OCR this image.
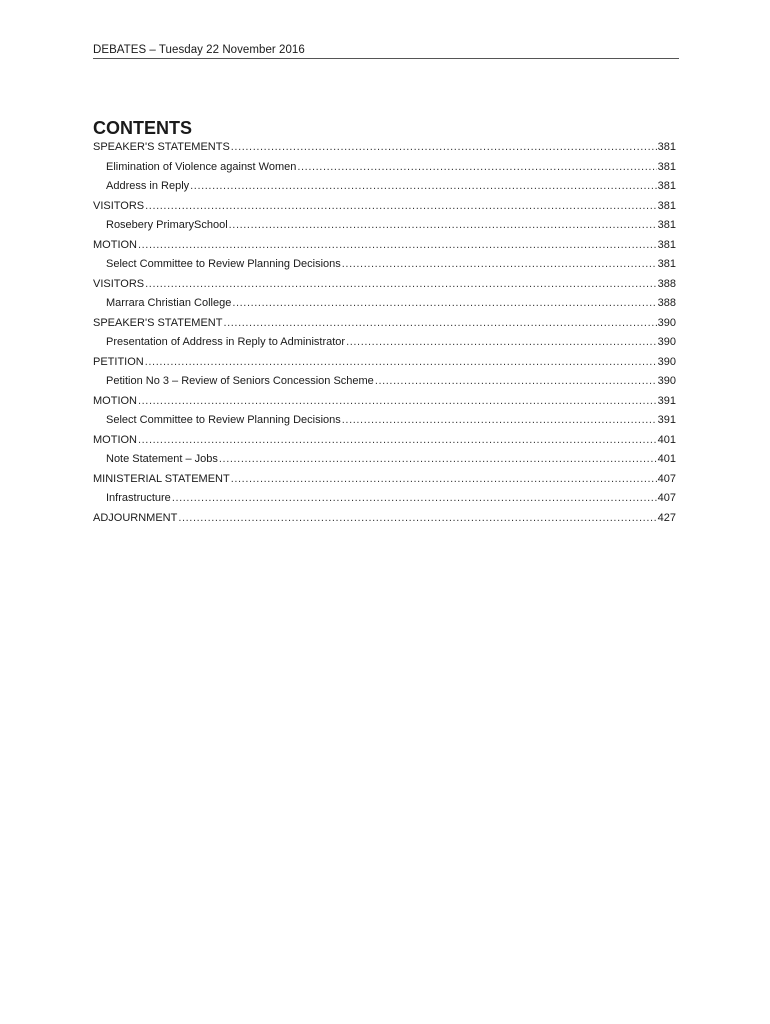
DEBATES – Tuesday 22 November 2016
CONTENTS
SPEAKER'S STATEMENTS .....	381
Elimination of Violence against Women .....	381
Address in Reply .....	381
VISITORS .....	381
Rosebery PrimarySchool .....	381
MOTION .....	381
Select Committee to Review Planning Decisions .....	381
VISITORS .....	388
Marrara Christian College .....	388
SPEAKER'S STATEMENT .....	390
Presentation of Address in Reply to Administrator .....	390
PETITION .....	390
Petition No 3 – Review of Seniors Concession Scheme .....	390
MOTION .....	391
Select Committee to Review Planning Decisions .....	391
MOTION .....	401
Note Statement – Jobs .....	401
MINISTERIAL STATEMENT .....	407
Infrastructure .....	407
ADJOURNMENT .....	427
